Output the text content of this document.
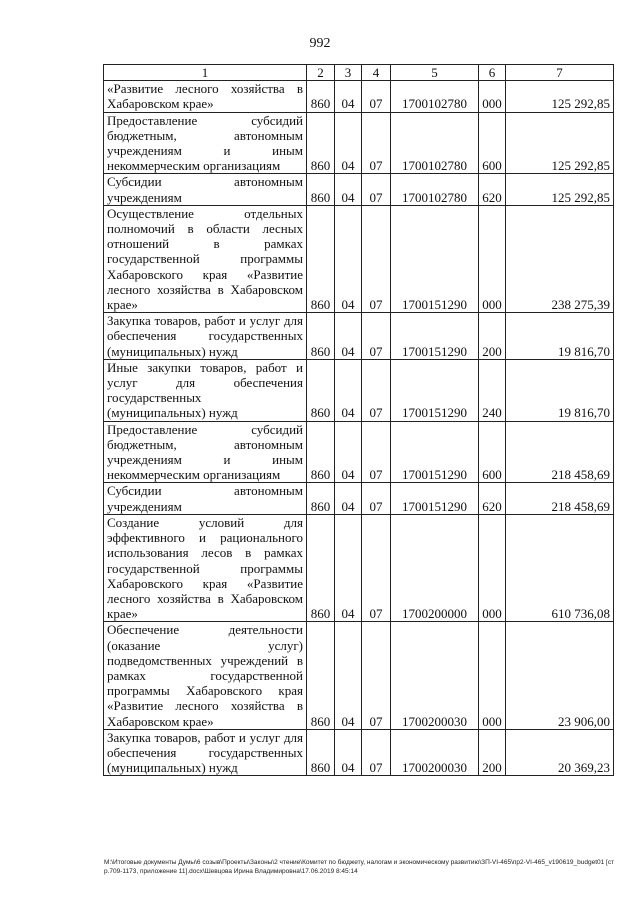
992
1	2	3	4	5	6	7
«Развитие лесного хозяйства в Хабаровском крае»	860	04	07	1700102780	000	125 292,85
Предоставление субсидий бюджетным, автономным учреждениям и иным некоммерческим организациям	860	04	07	1700102780	600	125 292,85
Субсидии автономным учреждениям	860	04	07	1700102780	620	125 292,85
Осуществление отдельных полномочий в области лесных отношений в рамках государственной программы Хабаровского края «Развитие лесного хозяйства в Хабаровском крае»	860	04	07	1700151290	000	238 275,39
Закупка товаров, работ и услуг для обеспечения государственных (муниципальных) нужд	860	04	07	1700151290	200	19 816,70
Иные закупки товаров, работ и услуг для обеспечения государственных (муниципальных) нужд	860	04	07	1700151290	240	19 816,70
Предоставление субсидий бюджетным, автономным учреждениям и иным некоммерческим организациям	860	04	07	1700151290	600	218 458,69
Субсидии автономным учреждениям	860	04	07	1700151290	620	218 458,69
Создание условий для эффективного и рационального использования лесов в рамках государственной программы Хабаровского края «Развитие лесного хозяйства в Хабаровском крае»	860	04	07	1700200000	000	610 736,08
Обеспечение деятельности (оказание услуг) подведомственных учреждений в рамках государственной программы Хабаровского края «Развитие лесного хозяйства в Хабаровском крае»	860	04	07	1700200030	000	23 906,00
Закупка товаров, работ и услуг для обеспечения государственных (муниципальных) нужд	860	04	07	1700200030	200	20 369,23
М:\Итоговые документы Думы\6 созыв\Проекты\Законы\2 чтение\Комитет по бюджету, налогам и экономическому развитию\ЗП-VI-465\пр2-VI-465_v190619_budget01 [стр.709-1173, приложение 11].docx\Шевцова Ирина Владимировна\17.06.2019 8:45:14
